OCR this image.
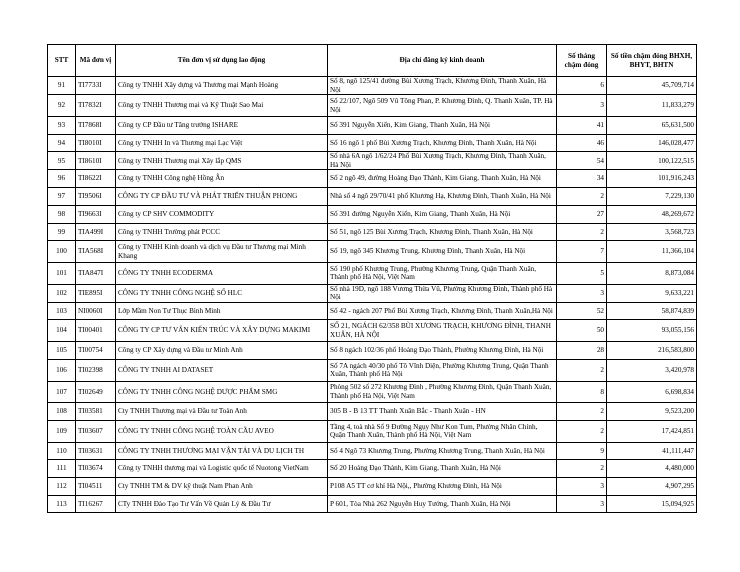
STT	Mã đơn vị	Tên đơn vị sử dụng lao động	Địa chỉ đăng ký kinh doanh	Số tháng chậm đóng	Số tiền chậm đóng BHXH, BHYT, BHTN
91	TI7733I	Công ty TNHH Xây dựng và Thương mại Mạnh Hoàng	Số 8, ngõ 125/41 đường Bùi Xương Trạch, Khương Đình, Thanh Xuân, Hà Nội	6	45,709,714
92	TI7832I	Công ty TNHH Thương mại và Kỹ Thuật Sao Mai	Số 22/107, Ngõ 509 Vũ Tông Phan, P. Khương Đình, Q. Thanh Xuân, TP. Hà Nội	3	11,833,279
93	TI7868I	Công ty CP Đầu tư Tăng trưởng ISHARE	Số 391 Nguyễn Xiển, Kim Giang, Thanh Xuân, Hà Nội	41	65,631,500
94	TI8010I	Công ty TNHH In và Thương mại Lạc Việt	Số 16 ngõ 1 phố Bùi Xương Trạch, Khương Đình, Thanh Xuân, Hà Nội	46	146,028,477
95	TI8610I	Công ty TNHH Thương mại Xây lắp QMS	Số nhà 6A ngõ 1/62/24 Phố Bùi Xương Trạch, Khương Đình, Thanh Xuân, Hà Nội	54	100,122,515
96	TI8622I	Công ty TNHH Công nghệ Hồng Ân	Số 2 ngõ 49, đường Hoàng Đạo Thành, Kim Giang, Thanh Xuân, Hà Nội	34	101,916,243
97	TI9506I	CÔNG TY CP ĐẦU TƯ VÀ PHÁT TRIỂN THUẬN PHONG	Nhà số 4 ngõ 29/70/41 phố Khương Hạ, Khương Đình, Thanh Xuân, Hà Nội	2	7,229,130
98	TI9663I	Công ty CP SHV COMMODITY	Số 391 đường Nguyễn Xiển, Kim Giang, Thanh Xuân, Hà Nội	27	48,269,672
99	TIA499I	Công ty TNHH Trường phát PCCC	Số 51, ngõ 125 Bùi Xương Trạch, Khương Đình, Thanh Xuân, Hà Nội	2	3,568,723
100	TIA568I	Công ty TNHH Kinh doanh và dịch vụ Đầu tư Thương mại Minh Khang	Số 19, ngõ 345 Khương Trung, Khương Đình, Thanh Xuân, Hà Nội	7	11,366,104
101	TIA847I	CÔNG TY TNHH ECODERMA	Số 190 phố Khương Trung, Phường Khương Trung, Quận Thanh Xuân, Thành phố Hà Nội, Việt Nam	5	8,873,084
102	TIE895I	CÔNG TY TNHH CÔNG NGHỆ SỐ HLC	Số nhà 19D, ngõ 188 Vương Thừa Vũ, Phường Khương Đình, Thành phố Hà Nội	3	9,633,221
103	NI0060I	Lớp Mầm Non Tư Thục Bình Minh	Số 42 - ngách 207 Phố Bùi Xương Trạch, Khương Đình, Thanh Xuân,Hà Nội	52	58,874,839
104	TI00401	CÔNG TY CP TƯ VẤN KIẾN TRÚC VÀ XÂY DỰNG MAKIMI	SỐ 21, NGÁCH 62/358 BÙI XƯƠNG TRẠCH, KHƯƠNG ĐÌNH, THANH XUÂN, HÀ NỘI	50	93,055,156
105	TI00754	Công ty CP Xây dựng và Đầu tư Minh Anh	Số 8 ngách 102/36 phố Hoàng Đạo Thành, Phường Khương Đình, Hà Nội	28	216,583,800
106	TI02398	CÔNG TY TNHH AI DATASET	Số 7A ngách 40/30 phố Tô Vĩnh Diện, Phường Khương Trung, Quận Thanh Xuân, Thành phố Hà Nội	2	3,420,978
107	TI02649	CÔNG TY TNHH CÔNG NGHỆ DƯỢC PHẨM SMG	Phòng 502 số 272 Khương Đình , Phường Khương Đình, Quận Thanh Xuân, Thành phố Hà Nội, Việt Nam	8	6,698,834
108	TI03581	Cty TNHH Thương mại và Đầu tư Toàn Anh	305 B - B 13 TT Thanh Xuân Bắc - Thanh Xuân - HN	2	9,523,200
109	TI03607	CÔNG TY TNHH CÔNG NGHỆ TOÀN CẦU AVEO	Tầng 4, toà nhà Số 9 Đường Ngụy Như Kon Tum, Phường Nhân Chính, Quận Thanh Xuân, Thành phố Hà Nội, Việt Nam	2	17,424,851
110	TI03631	CÔNG TY TNHH THƯƠNG MẠI VẬN TẢI VÀ DU LỊCH TH	Số 4 Ngõ 73 Khương Trung, Phường Khương Trung, Thanh Xuân, Hà Nội	9	41,111,447
111	TI03674	Công ty TNHH thương mại và Logistic quốc tế Nuotong VietNam	Số 20 Hoàng Đạo Thành, Kim Giang, Thanh Xuân, Hà Nội	2	4,480,000
112	TI04511	Cty TNHH TM & DV kỹ thuật Nam Phan Anh	P108 A5 TT cơ khí Hà Nội,, Phường Khương Đình, Hà Nội	3	4,907,295
113	TI16267	CTy TNHH Đào Tạo Tư Vấn Về Quản Lý & Đầu Tư	P 601, Tòa Nhà 262 Nguyễn Huy Tưởng, Thanh Xuân, Hà Nội	3	15,094,925
